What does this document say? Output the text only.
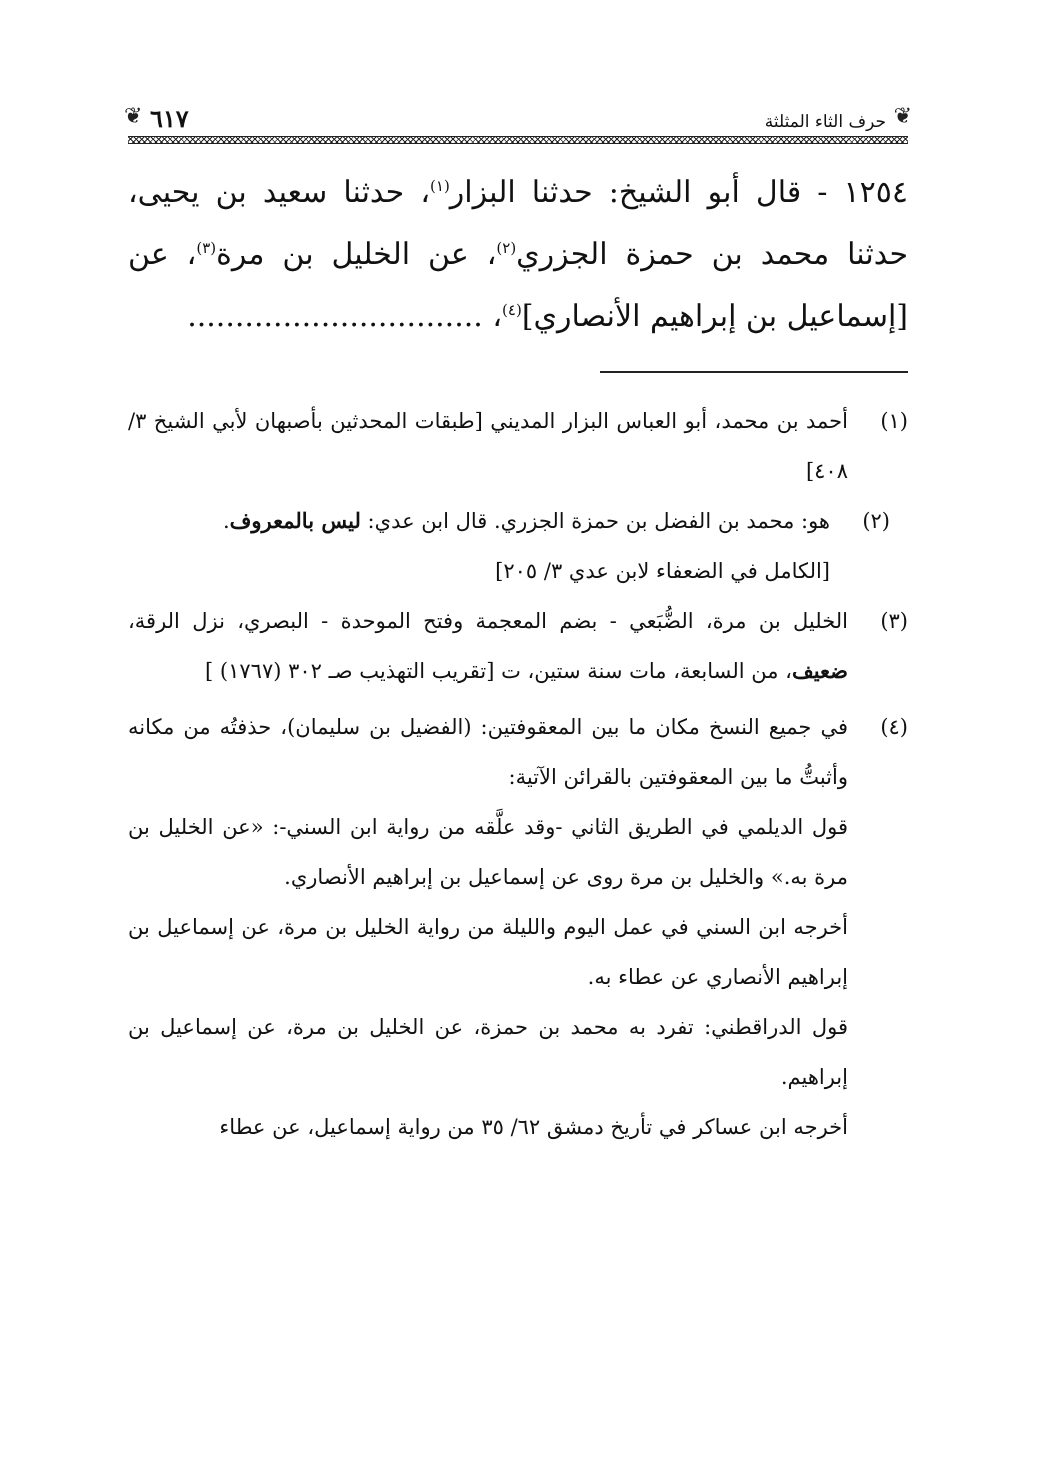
❦
حرف الثاء المثلثة
٦١٧
❦

١٢٥٤ - قال أبو الشيخ: حدثنا البزار$^{(١)}$، حدثنا سعيد بن يحيى، حدثنا محمد بن حمزة الجزري$^{(٢)}$، عن الخليل بن مرة$^{(٣)}$، عن [إسماعيل بن إبراهيم الأنصاري]$^{(٤)}$، ...............................

(١)
أحمد بن محمد، أبو العباس البزار المديني [طبقات المحدثين بأصبهان لأبي الشيخ ٣/ ٤٠٨]
(٢)
هو: محمد بن الفضل بن حمزة الجزري. قال ابن عدي: ليس بالمعروف.
[الكامل في الضعفاء لابن عدي ٣/ ٢٠٥]
(٣)
الخليل بن مرة، الضُّبَعي - بضم المعجمة وفتح الموحدة - البصري، نزل الرقة، ضعيف، من السابعة، مات سنة ستين، ت [تقريب التهذيب صـ ٣٠٢ (١٧٦٧) ]
(٤)
في جميع النسخ مكان ما بين المعقوفتين: (الفضيل بن سليمان)، حذفتُه من مكانه وأثبتُّ ما بين المعقوفتين بالقرائن الآتية:
قول الديلمي في الطريق الثاني -وقد علَّقه من رواية ابن السني-: «عن الخليل بن مرة به.» والخليل بن مرة روى عن إسماعيل بن إبراهيم الأنصاري.
أخرجه ابن السني في عمل اليوم والليلة من رواية الخليل بن مرة، عن إسماعيل بن إبراهيم الأنصاري عن عطاء به.
قول الدراقطني: تفرد به محمد بن حمزة، عن الخليل بن مرة، عن إسماعيل بن إبراهيم.
أخرجه ابن عساكر في تأريخ دمشق ٦٢/ ٣٥ من رواية إسماعيل، عن عطاء
